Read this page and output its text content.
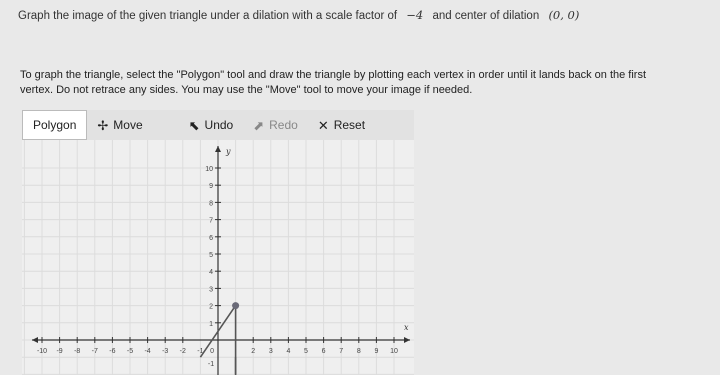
Graph the image of the given triangle under a dilation with a scale factor of −4 and center of dilation (0, 0)
To graph the triangle, select the "Polygon" tool and draw the triangle by plotting each vertex in order until it lands back on the first
vertex. Do not retrace any sides. You may use the "Move" tool to move your image if needed.
Polygon ✢ Move	⬉ Undo ⬈ Redo ✕ Reset
x
y
-10 -9 -8 -7 -6 -5 -4 -3 -2	2 3 4 5 6 7 8 9 10
1
2
3
4
5
6
7
8
9
10
-1 0
-1
